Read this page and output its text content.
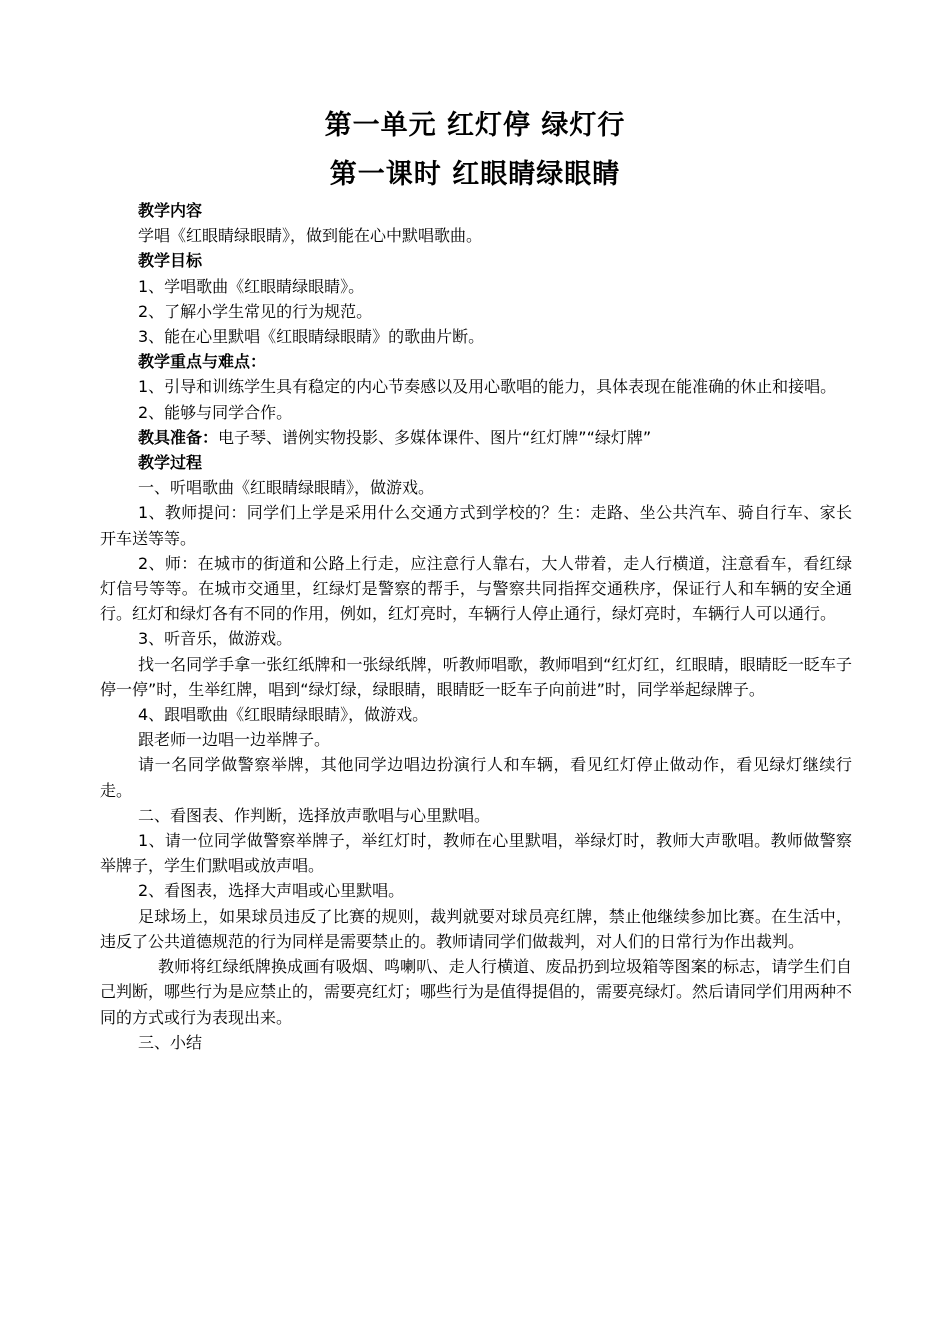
第一单元 红灯停 绿灯行
第一课时 红眼睛绿眼睛

教学内容

学唱《红眼睛绿眼睛》，做到能在心中默唱歌曲。

教学目标

1、学唱歌曲《红眼睛绿眼睛》。

2、了解小学生常见的行为规范。

3、能在心里默唱《红眼睛绿眼睛》的歌曲片断。

教学重点与难点：

1、引导和训练学生具有稳定的内心节奏感以及用心歌唱的能力，具体表现在能准确的休止和接唱。

2、能够与同学合作。

教具准备：电子琴、谱例实物投影、多媒体课件、图片“红灯牌”“绿灯牌”

教学过程

一、听唱歌曲《红眼睛绿眼睛》，做游戏。

1、教师提问：同学们上学是采用什么交通方式到学校的？生：走路、坐公共汽车、骑自行车、家长开车送等等。

2、师：在城市的街道和公路上行走，应注意行人靠右，大人带着，走人行横道，注意看车，看红绿灯信号等等。在城市交通里，红绿灯是警察的帮手，与警察共同指挥交通秩序，保证行人和车辆的安全通行。红灯和绿灯各有不同的作用，例如，红灯亮时，车辆行人停止通行，绿灯亮时，车辆行人可以通行。

3、听音乐，做游戏。

找一名同学手拿一张红纸牌和一张绿纸牌，听教师唱歌，教师唱到“红灯红，红眼睛，眼睛眨一眨车子停一停”时，生举红牌，唱到“绿灯绿，绿眼睛，眼睛眨一眨车子向前进”时，同学举起绿牌子。

4、跟唱歌曲《红眼睛绿眼睛》，做游戏。

跟老师一边唱一边举牌子。

请一名同学做警察举牌，其他同学边唱边扮演行人和车辆，看见红灯停止做动作，看见绿灯继续行走。

二、看图表、作判断，选择放声歌唱与心里默唱。

1、请一位同学做警察举牌子，举红灯时，教师在心里默唱，举绿灯时，教师大声歌唱。教师做警察举牌子，学生们默唱或放声唱。

2、看图表，选择大声唱或心里默唱。

足球场上，如果球员违反了比赛的规则，裁判就要对球员亮红牌，禁止他继续参加比赛。在生活中，违反了公共道德规范的行为同样是需要禁止的。教师请同学们做裁判，对人们的日常行为作出裁判。

教师将红绿纸牌换成画有吸烟、鸣喇叭、走人行横道、废品扔到垃圾箱等图案的标志，请学生们自己判断，哪些行为是应禁止的，需要亮红灯；哪些行为是值得提倡的，需要亮绿灯。然后请同学们用两种不同的方式或行为表现出来。

三、小结
